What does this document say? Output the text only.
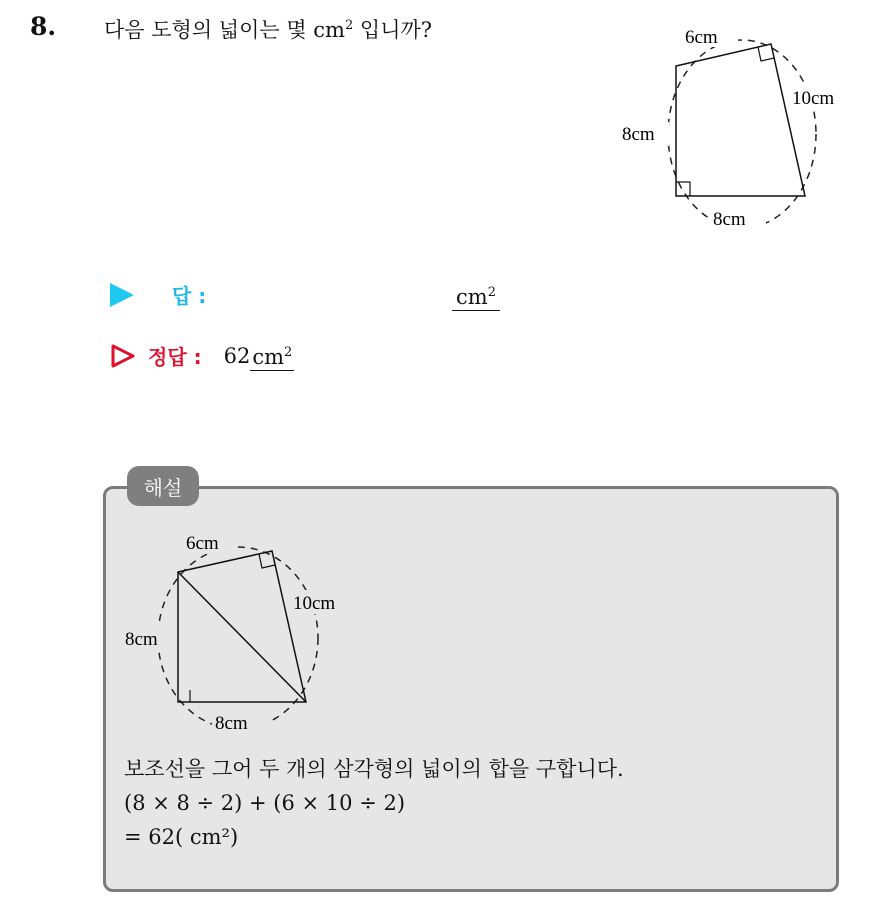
8. 다음 도형의 넓이는 몇 $cm^2$ 입니까?	6cm
10cm
8cm
8cm
답 :	$cm^2$
정답 : 62 $cm^2$
해설
6cm
10cm
8cm
8cm
보조선을 그어 두 개의 삼각형의 넓이의 합을 구합니다.
(8 × 8 ÷ 2) + (6 × 10 ÷ 2)
= 62( cm²)
